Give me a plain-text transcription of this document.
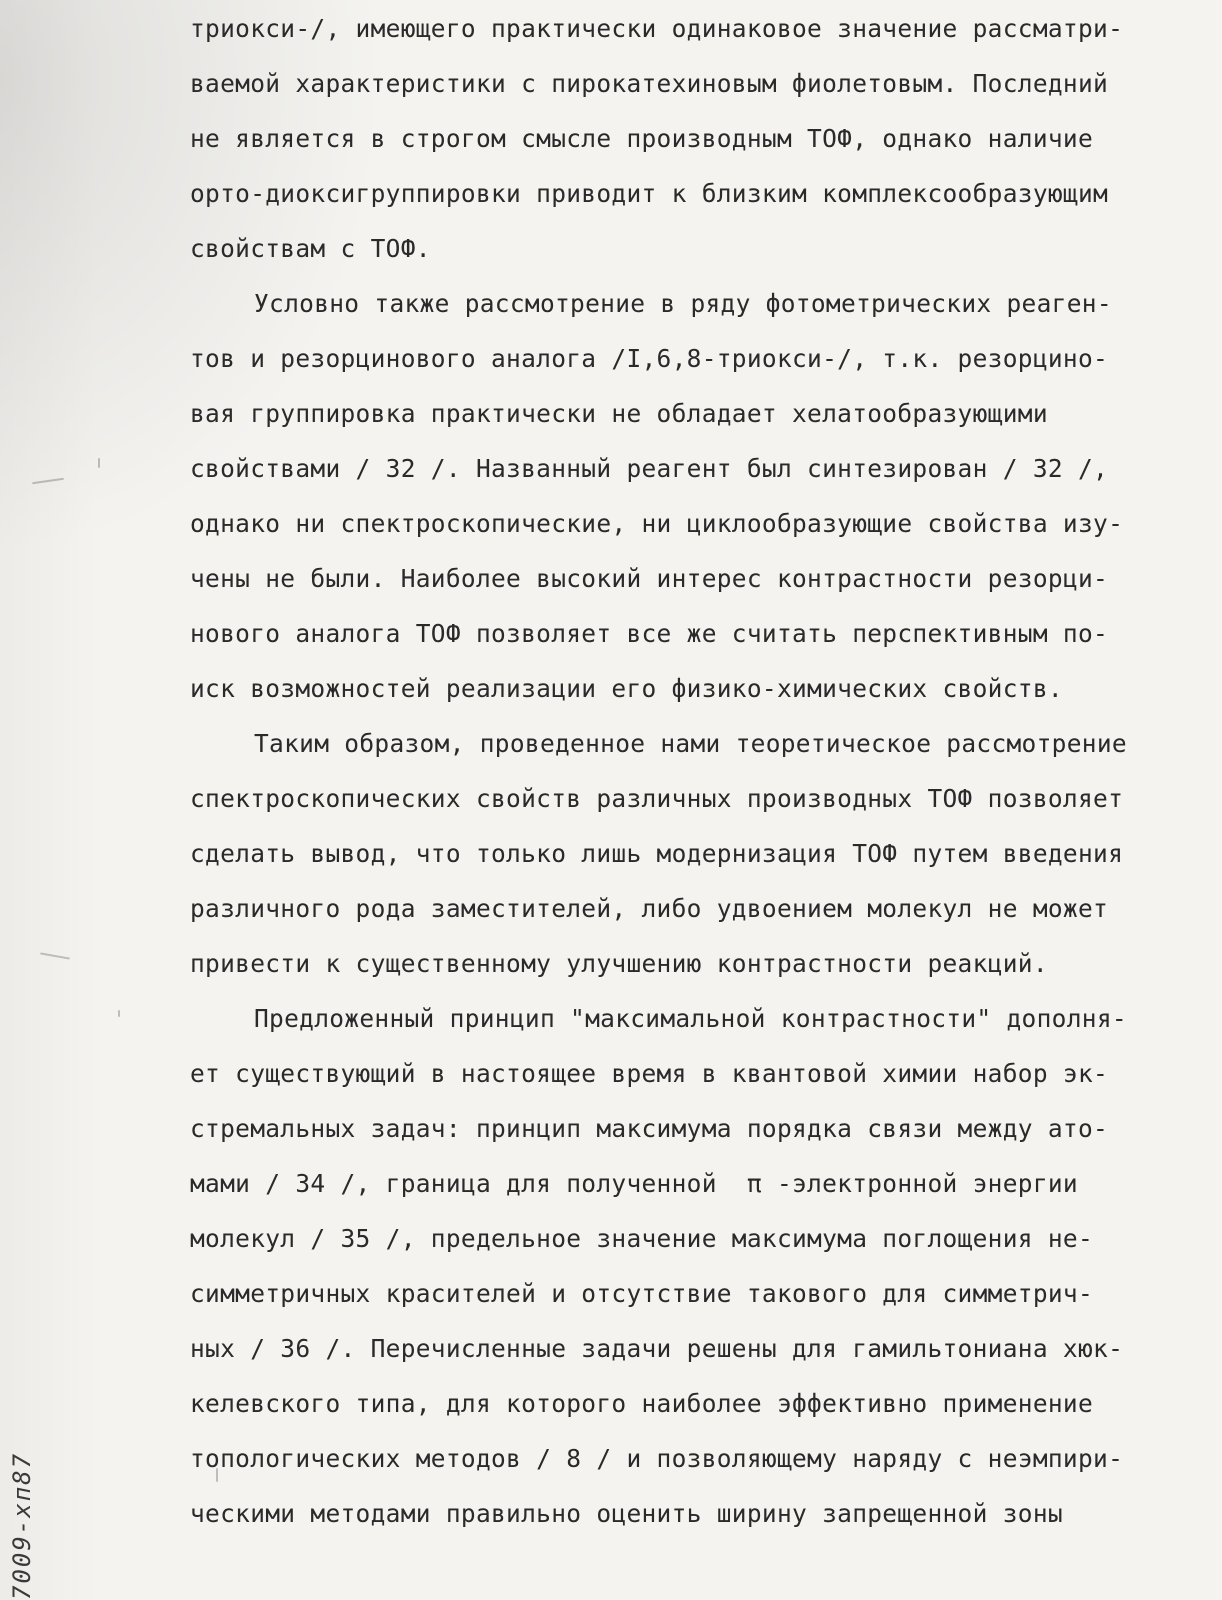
триокси-/, имеющего практически одинаковое значение рассматри-
ваемой характеристики с пирокатехиновым фиолетовым. Последний
не является в строгом смысле производным ТОФ, однако наличие
орто-диоксигруппировки приводит к близким комплексообразующим
свойствам с ТОФ.
Условно также рассмотрение в ряду фотометрических реаген-
тов и резорцинового аналога /I,6,8-триокси-/, т.к. резорцино-
вая группировка практически не обладает хелатообразующими
свойствами / 32 /. Названный реагент был синтезирован / 32 /,
однако ни спектроскопические, ни циклообразующие свойства изу-
чены не были. Наиболее высокий интерес контрастности резорци-
нового аналога ТОФ позволяет все же считать перспективным по-
иск возможностей реализации его физико-химических свойств.
Таким образом, проведенное нами теоретическое рассмотрение
спектроскопических свойств различных производных ТОФ позволяет
сделать вывод, что только лишь модернизация ТОФ путем введения
различного рода заместителей, либо удвоением молекул не может
привести к существенному улучшению контрастности реакций.
Предложенный принцип "максимальной контрастности" дополня-
ет существующий в настоящее время в квантовой химии набор эк-
стремальных задач: принцип максимума порядка связи между ато-
мами / 34 /, граница для полученной  π -электронной энергии
молекул / 35 /, предельное значение максимума поглощения не-
симметричных красителей и отсутствие такового для симметрич-
ных / 36 /. Перечисленные задачи решены для гамильтониана хюк-
келевского типа, для которого наиболее эффективно применение
топологических методов / 8 / и позволяющему наряду с неэмпири-
ческими методами правильно оценить ширину запрещенной зоны
7009-хп87
